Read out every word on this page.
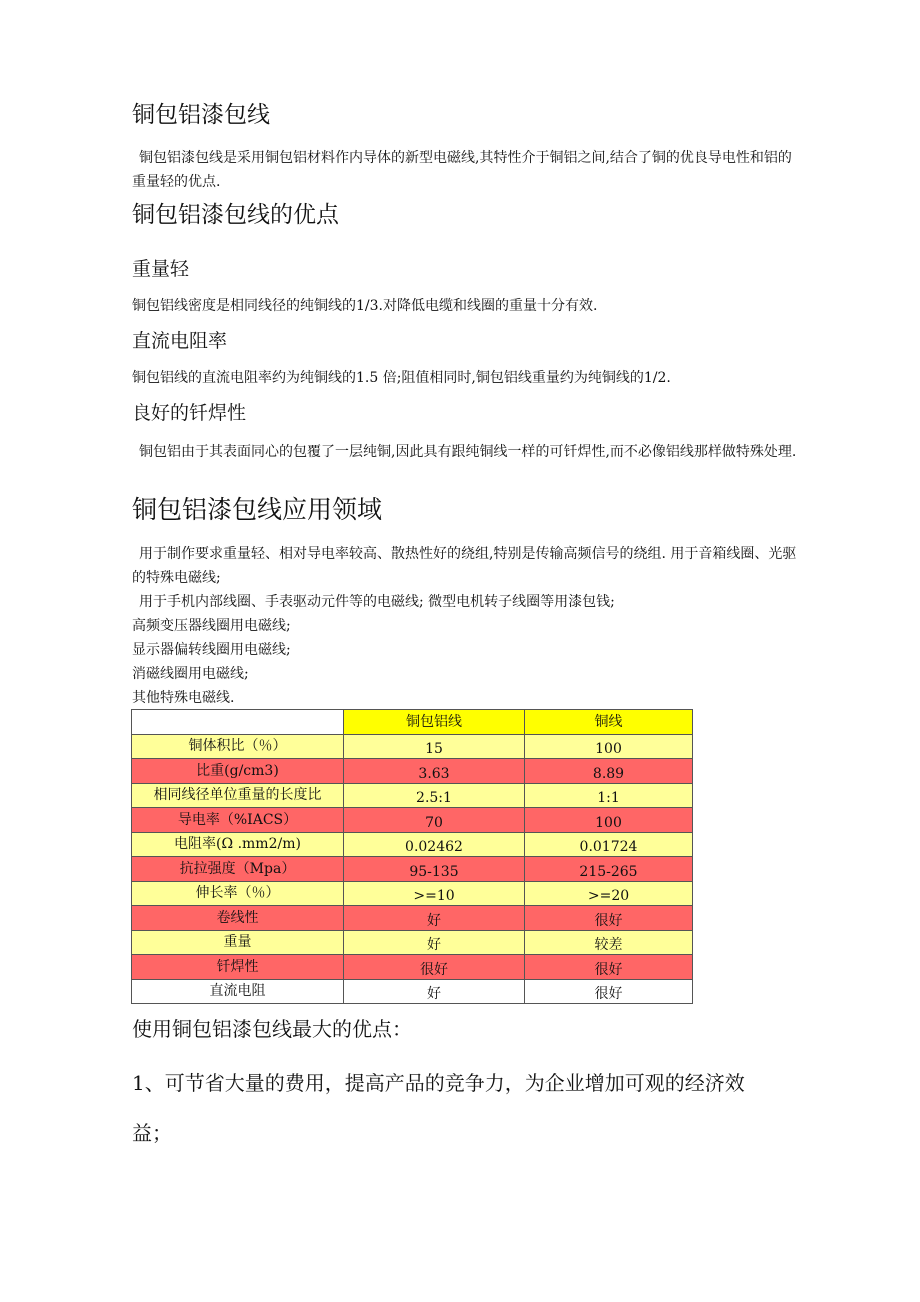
铜包铝漆包线
铜包铝漆包线是采用铜包铝材料作内导体的新型电磁线,其特性介于铜铝之间,结合了铜的优良导电性和铝的重量轻的优点.
铜包铝漆包线的优点
重量轻
铜包铝线密度是相同线径的纯铜线的1/3.对降低电缆和线圈的重量十分有效.
直流电阻率
铜包铝线的直流电阻率约为纯铜线的1.5 倍;阻值相同时,铜包铝线重量约为纯铜线的1/2.
良好的钎焊性
铜包铝由于其表面同心的包覆了一层纯铜,因此具有跟纯铜线一样的可钎焊性,而不必像铝线那样做特殊处理.
铜包铝漆包线应用领域
用于制作要求重量轻、相对导电率较高、散热性好的绕组,特别是传输高频信号的绕组. 用于音箱线圈、光驱的特殊电磁线;
用于手机内部线圈、手表驱动元件等的电磁线; 微型电机转子线圈等用漆包钱;
高频变压器线圈用电磁线;
显示器偏转线圈用电磁线;
消磁线圈用电磁线;
其他特殊电磁线.
	铜包铝线	铜线
铜体积比（％）	15	100
比重(g/cm3)	3.63	8.89
相同线径单位重量的长度比	2.5:1	1:1
导电率（%IACS）	70	100
电阻率(Ω .mm2/m)	0.02462	0.01724
抗拉强度（Mpa）	95-135	215-265
伸长率（％）	>=10	>=20
卷线性	好	很好
重量	好	较差
钎焊性	很好	很好
直流电阻	好	很好
使用铜包铝漆包线最大的优点：
1、可节省大量的费用，提高产品的竞争力，为企业增加可观的经济效益；
